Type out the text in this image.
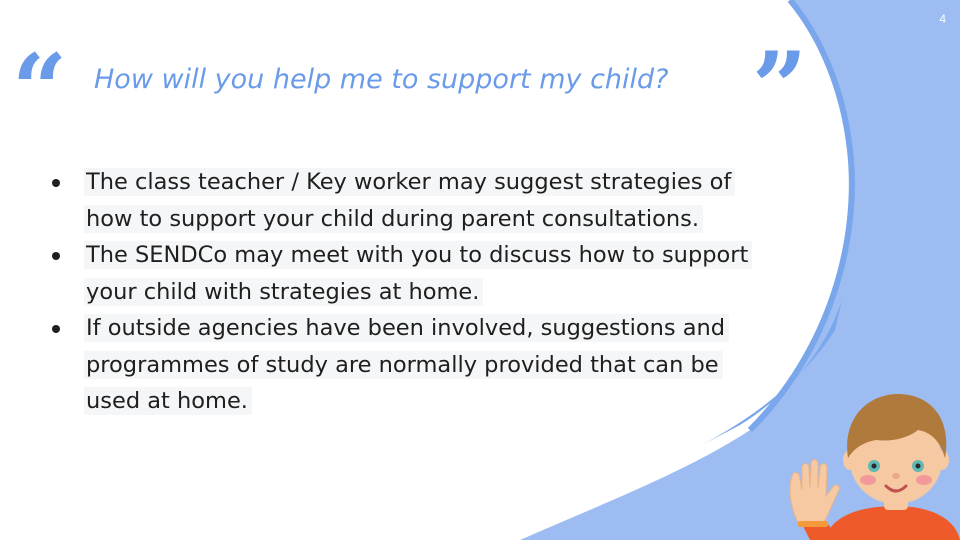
4
“	”
How will you help me to support my child?
The class teacher / Key worker may suggest strategies of how to support your child during parent consultations.
The SENDCo may meet with you to discuss how to support your child with strategies at home.
If outside agencies have been involved, suggestions and programmes of study are normally provided that can be used at home.
